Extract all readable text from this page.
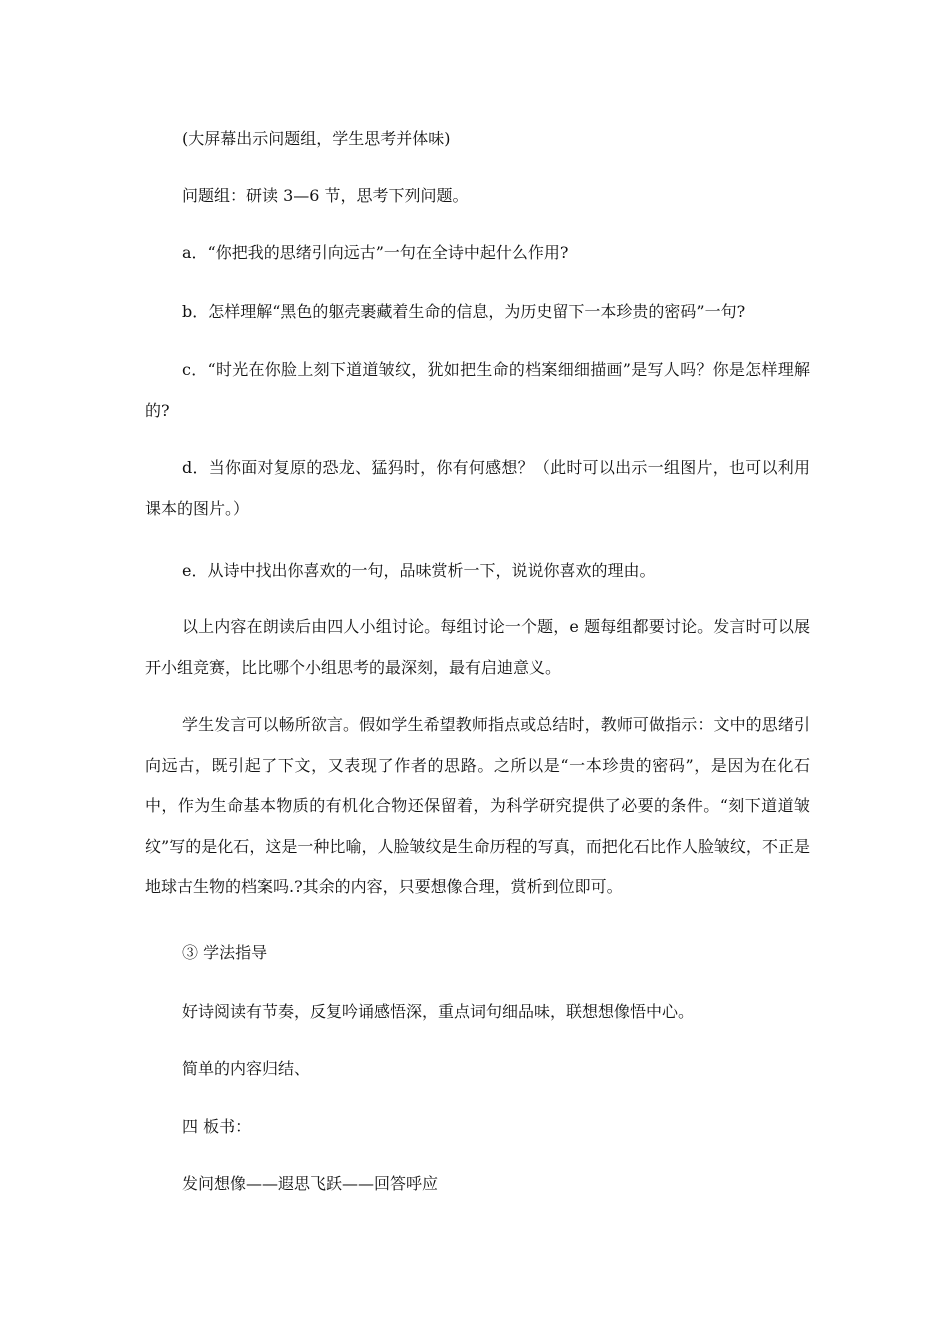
(大屏幕出示问题组，学生思考并体味)
问题组：研读 3—6 节，思考下列问题。
a．“你把我的思绪引向远古”一句在全诗中起什么作用?
b．怎样理解“黑色的躯壳裹藏着生命的信息，为历史留下一本珍贵的密码”一句?
c．“时光在你脸上刻下道道皱纹，犹如把生命的档案细细描画”是写人吗？你是怎样理解的?
d．当你面对复原的恐龙、猛犸时，你有何感想？（此时可以出示一组图片，也可以利用课本的图片。）
e．从诗中找出你喜欢的一句，品味赏析一下，说说你喜欢的理由。
以上内容在朗读后由四人小组讨论。每组讨论一个题，e 题每组都要讨论。发言时可以展开小组竞赛，比比哪个小组思考的最深刻，最有启迪意义。
学生发言可以畅所欲言。假如学生希望教师指点或总结时，教师可做指示：文中的思绪引向远古，既引起了下文，又表现了作者的思路。之所以是“一本珍贵的密码”，是因为在化石中，作为生命基本物质的有机化合物还保留着，为科学研究提供了必要的条件。“刻下道道皱纹”写的是化石，这是一种比喻，人脸皱纹是生命历程的写真，而把化石比作人脸皱纹，不正是地球古生物的档案吗.?其余的内容，只要想像合理，赏析到位即可。
③ 学法指导
好诗阅读有节奏，反复吟诵感悟深，重点词句细品味，联想想像悟中心。
简单的内容归结、
四 板书：
发问想像——遐思飞跃——回答呼应
